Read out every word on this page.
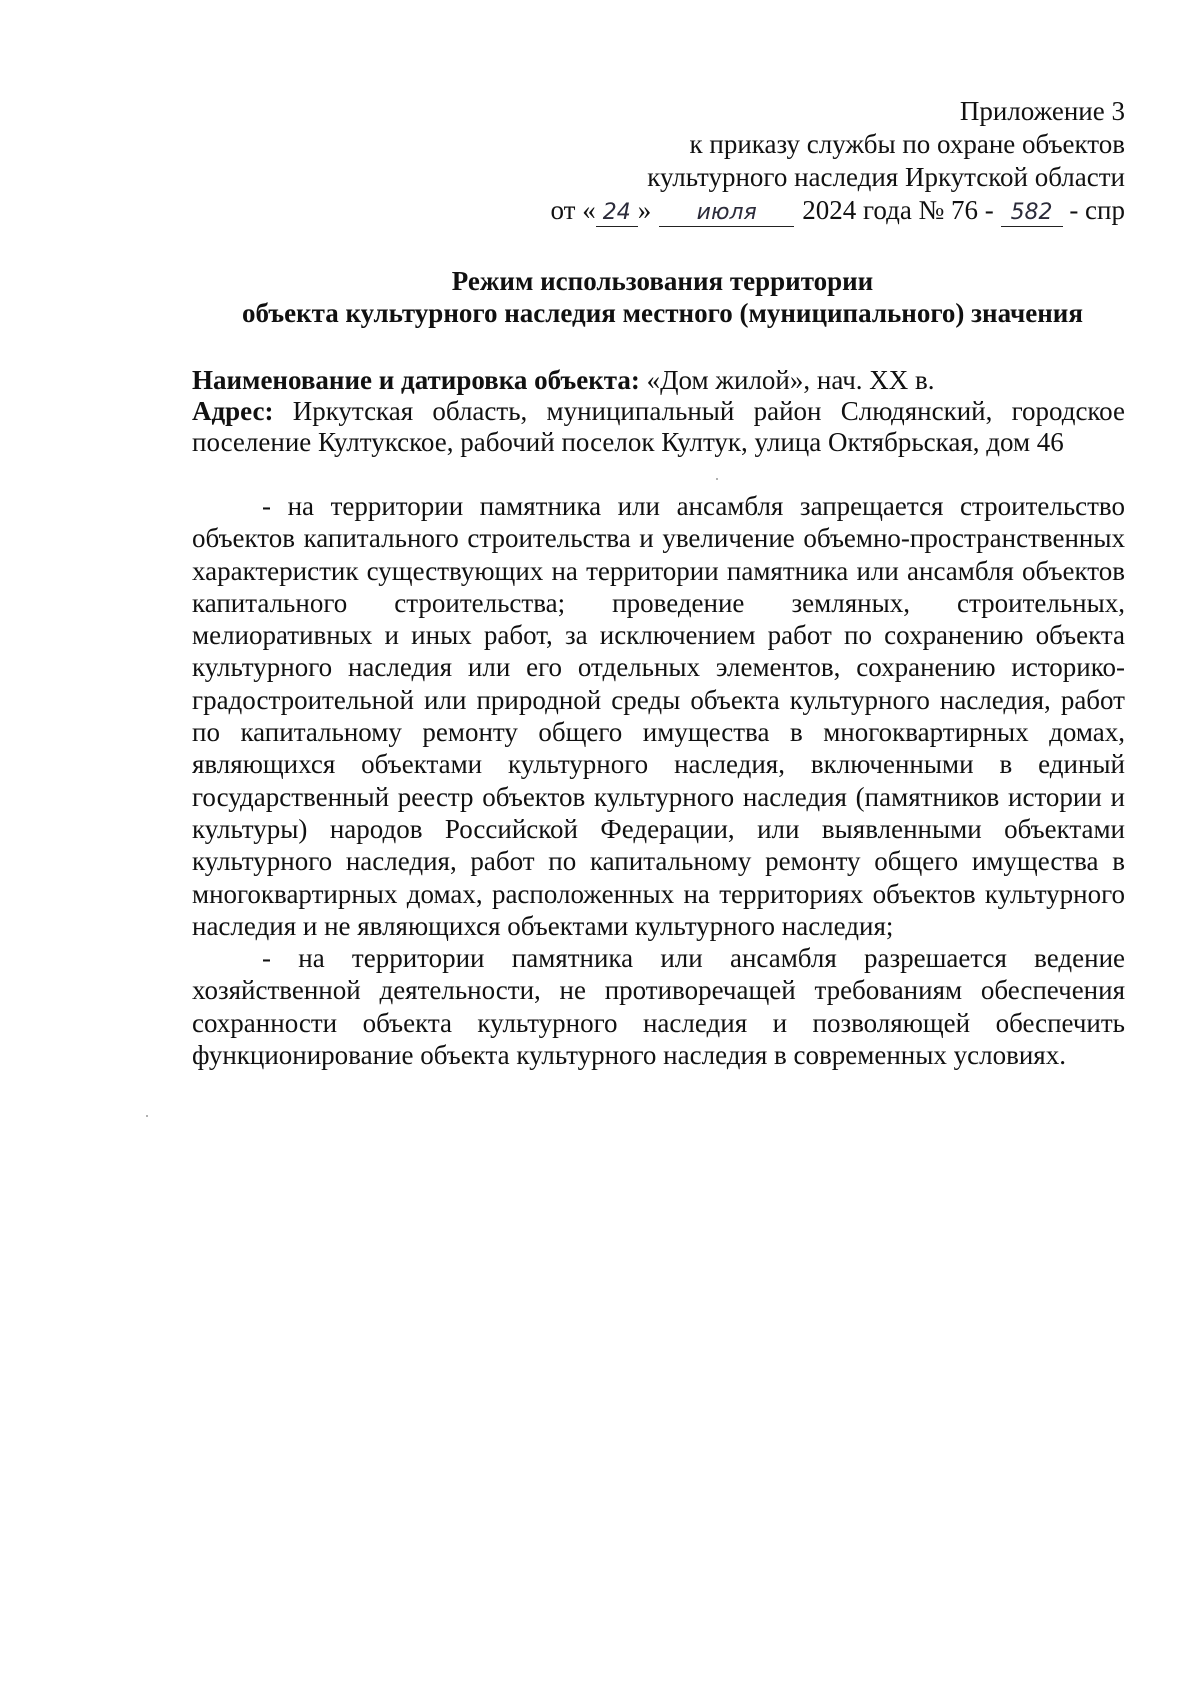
Приложение 3
к приказу службы по охране объектов
культурного наследия Иркутской области
от « 24 » июля 2024 года № 76 - 582 - спр
Режим использования территории
объекта культурного наследия местного (муниципального) значения

Наименование и датировка объекта: «Дом жилой», нач. XX в.

Адрес: Иркутская область, муниципальный район Слюдянский, городское поселение Култукское, рабочий поселок Култук, улица Октябрьская, дом 46

- на территории памятника или ансамбля запрещается строительство объектов капитального строительства и увеличение объемно-пространственных характеристик существующих на территории памятника или ансамбля объектов капитального строительства; проведение земляных, строительных, мелиоративных и иных работ, за исключением работ по сохранению объекта культурного наследия или его отдельных элементов, сохранению историко-градостроительной или природной среды объекта культурного наследия, работ по капитальному ремонту общего имущества в многоквартирных домах, являющихся объектами культурного наследия, включенными в единый государственный реестр объектов культурного наследия (памятников истории и культуры) народов Российской Федерации, или выявленными объектами культурного наследия, работ по капитальному ремонту общего имущества в многоквартирных домах, расположенных на территориях объектов культурного наследия и не являющихся объектами культурного наследия;

- на территории памятника или ансамбля разрешается ведение хозяйственной деятельности, не противоречащей требованиям обеспечения сохранности объекта культурного наследия и позволяющей обеспечить функционирование объекта культурного наследия в современных условиях.
